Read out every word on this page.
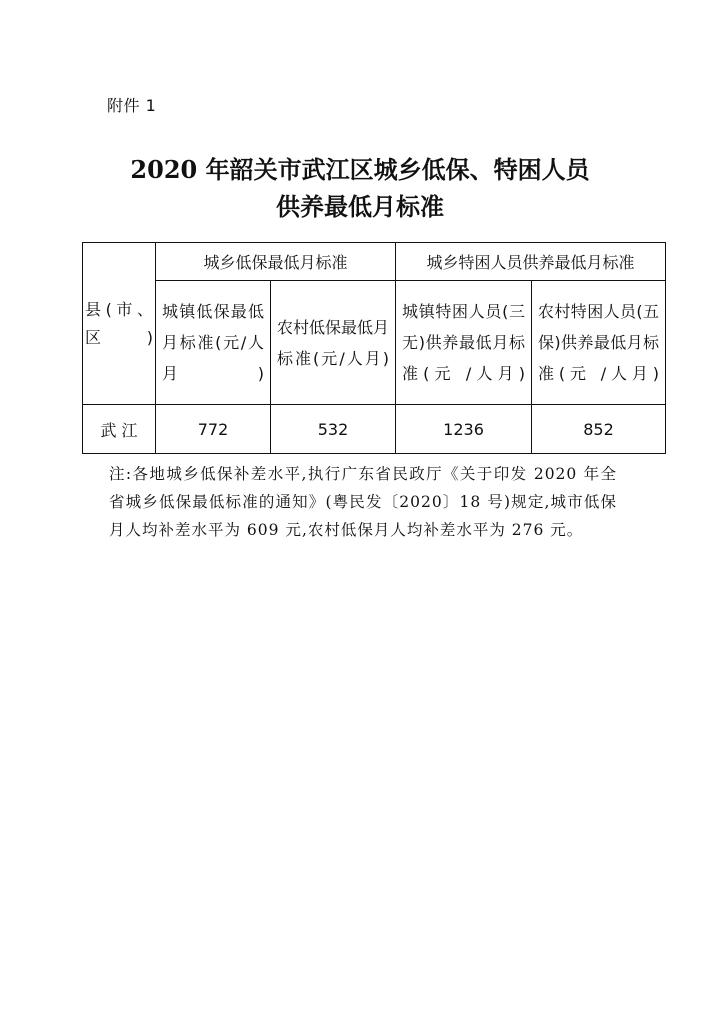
附件 1
2020 年韶关市武江区城乡低保、特困人员
供养最低月标准
县(市、区)	城乡低保最低月标准		城乡特困人员供养最低月标准	

	城镇低保最低月标准(元/人月)	农村低保最低月标准(元/人月)	城镇特困人员(三无)供养最低月标准(元 /人月)	农村特困人员(五保)供养最低月标准(元 /人月)

武 江	772	532	1236	852
注:各地城乡低保补差水平,执行广东省民政厅《关于印发 2020 年全省城乡低保最低标准的通知》(粤民发〔2020〕18 号)规定,城市低保月人均补差水平为 609 元,农村低保月人均补差水平为 276 元。
